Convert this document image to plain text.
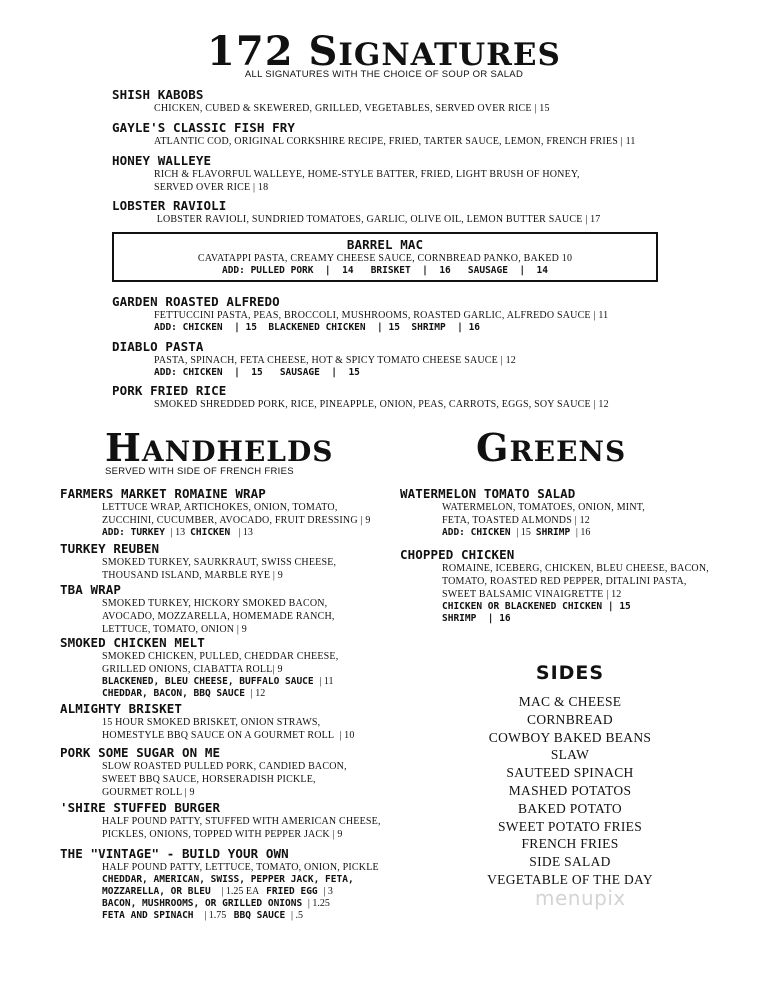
172 SIGNATURES
ALL SIGNATURES WITH THE CHOICE OF SOUP OR SALAD
SHISH KABOBS
CHICKEN, CUBED & SKEWERED, GRILLED, VEGETABLES, SERVED OVER RICE | 15
GAYLE'S CLASSIC FISH FRY
ATLANTIC COD, ORIGINAL CORKSHIRE RECIPE, FRIED, TARTER SAUCE, LEMON, FRENCH FRIES | 11
HONEY WALLEYE
RICH & FLAVORFUL WALLEYE, HOME-STYLE BATTER, FRIED, LIGHT BRUSH OF HONEY,
SERVED OVER RICE | 18
LOBSTER RAVIOLI
LOBSTER RAVIOLI, SUNDRIED TOMATOES, GARLIC, OLIVE OIL, LEMON BUTTER SAUCE | 17
BARREL MAC
CAVATAPPI PASTA, CREAMY CHEESE SAUCE, CORNBREAD PANKO, BAKED 10
ADD: PULLED PORK  |  14   BRISKET  |  16   SAUSAGE  |  14
GARDEN ROASTED ALFREDO
FETTUCCINI PASTA, PEAS, BROCCOLI, MUSHROOMS, ROASTED GARLIC, ALFREDO SAUCE | 11
ADD: CHICKEN  | 15  BLACKENED CHICKEN  | 15  SHRIMP  | 16
DIABLO PASTA
PASTA, SPINACH, FETA CHEESE, HOT & SPICY TOMATO CHEESE SAUCE | 12
ADD: CHICKEN  |  15   SAUSAGE  |  15
PORK FRIED RICE
SMOKED SHREDDED PORK, RICE, PINEAPPLE, ONION, PEAS, CARROTS, EGGS, SOY SAUCE | 12
HANDHELDS
SERVED WITH SIDE OF FRENCH FRIES
FARMERS MARKET ROMAINE WRAP
LETTUCE WRAP, ARTICHOKES, ONION, TOMATO,
ZUCCHINI, CUCUMBER, AVOCADO, FRUIT DRESSING | 9
ADD: TURKEY | 13  CHICKEN  | 13
TURKEY REUBEN
SMOKED TURKEY, SAURKRAUT, SWISS CHEESE,
THOUSAND ISLAND, MARBLE RYE | 9
TBA WRAP
SMOKED TURKEY, HICKORY SMOKED BACON,
AVOCADO, MOZZARELLA, HOMEMADE RANCH,
LETTUCE, TOMATO, ONION | 9
SMOKED CHICKEN MELT
SMOKED CHICKEN, PULLED, CHEDDAR CHEESE,
GRILLED ONIONS, CIABATTA ROLL| 9
BLACKENED, BLEU CHEESE, BUFFALO SAUCE | 11
CHEDDAR, BACON, BBQ SAUCE | 12
ALMIGHTY BRISKET
15 HOUR SMOKED BRISKET, ONION STRAWS,
HOMESTYLE BBQ SAUCE ON A GOURMET ROLL  | 10
PORK SOME SUGAR ON ME
SLOW ROASTED PULLED PORK, CANDIED BACON,
SWEET BBQ SAUCE, HORSERADISH PICKLE,
GOURMET ROLL | 9
'SHIRE STUFFED BURGER
HALF POUND PATTY, STUFFED WITH AMERICAN CHEESE,
PICKLES, ONIONS, TOPPED WITH PEPPER JACK | 9
THE "VINTAGE" - BUILD YOUR OWN
HALF POUND PATTY, LETTUCE, TOMATO, ONION, PICKLE
CHEDDAR, AMERICAN, SWISS, PEPPER JACK, FETA,
MOZZARELLA, OR BLEU   | 1.25 EA   FRIED EGG | 3
BACON, MUSHROOMS, OR GRILLED ONIONS | 1.25
FETA AND SPINACH   | 1.75   BBQ SAUCE | .5
GREENS
WATERMELON TOMATO SALAD
WATERMELON, TOMATOES, ONION, MINT,
FETA, TOASTED ALMONDS | 12
ADD: CHICKEN | 15  SHRIMP | 16
CHOPPED CHICKEN
ROMAINE, ICEBERG, CHICKEN, BLEU CHEESE, BACON,
TOMATO, ROASTED RED PEPPER, DITALINI PASTA,
SWEET BALSAMIC VINAIGRETTE | 12
CHICKEN OR BLACKENED CHICKEN | 15
SHRIMP  | 16
SIDES
MAC & CHEESE
CORNBREAD
COWBOY BAKED BEANS
SLAW
SAUTEED SPINACH
MASHED POTATOS
BAKED POTATO
SWEET POTATO FRIES
FRENCH FRIES
SIDE SALAD
VEGETABLE OF THE DAY
menupix
